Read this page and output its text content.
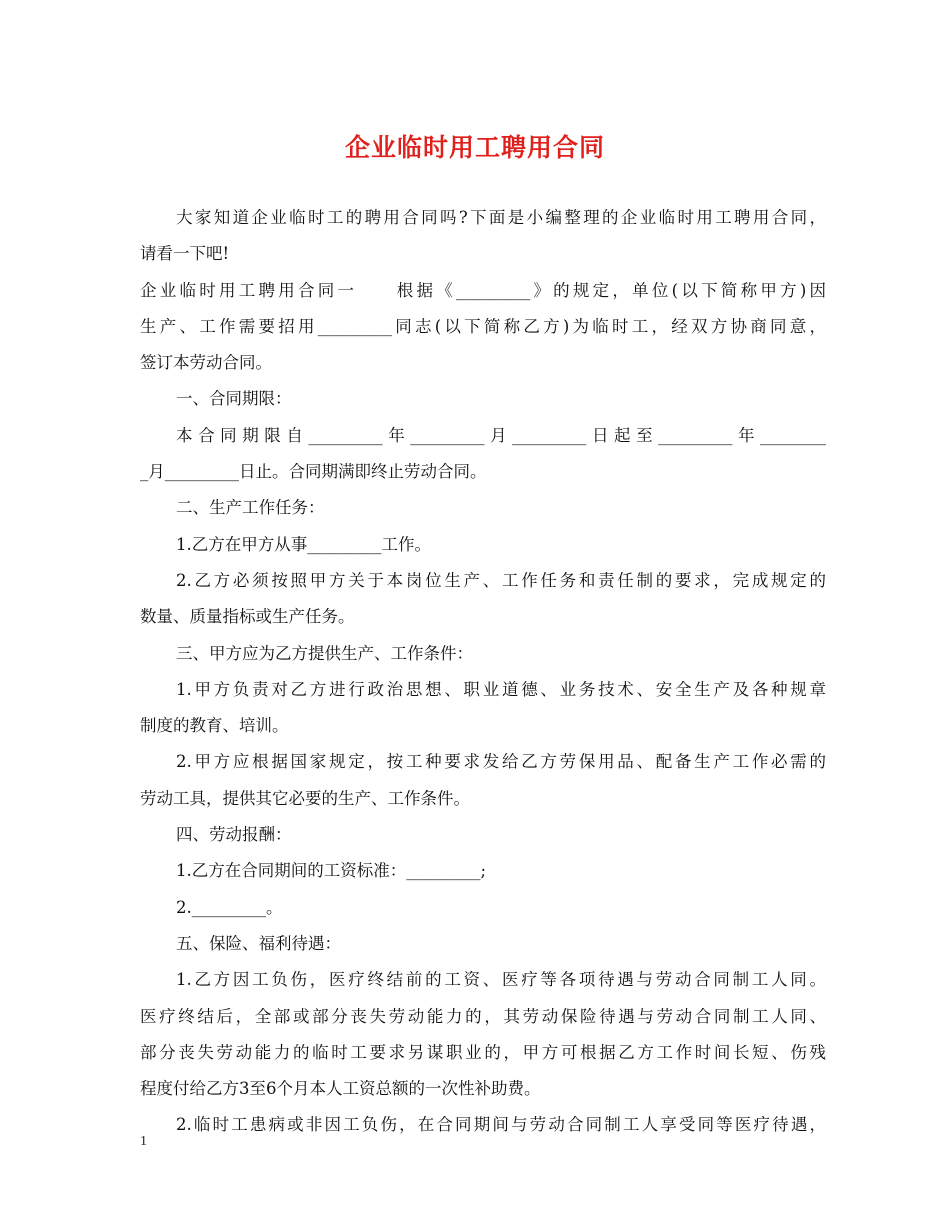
企业临时用工聘用合同
大家知道企业临时工的聘用合同吗?下面是小编整理的企业临时用工聘用合同，
请看一下吧!
企业临时用工聘用合同一　　根据《_________》的规定，单位(以下简称甲方)因
生产、工作需要招用_________同志(以下简称乙方)为临时工，经双方协商同意，
签订本劳动合同。
一、合同期限：
本合同期限自_________年_________月_________日起至_________年________
_月_________日止。合同期满即终止劳动合同。
二、生产工作任务：
1.乙方在甲方从事_________工作。
2.乙方必须按照甲方关于本岗位生产、工作任务和责任制的要求，完成规定的
数量、质量指标或生产任务。
三、甲方应为乙方提供生产、工作条件：
1.甲方负责对乙方进行政治思想、职业道德、业务技术、安全生产及各种规章
制度的教育、培训。
2.甲方应根据国家规定，按工种要求发给乙方劳保用品、配备生产工作必需的
劳动工具，提供其它必要的生产、工作条件。
四、劳动报酬：
1.乙方在合同期间的工资标准：_________;
2._________。
五、保险、福利待遇：
1.乙方因工负伤，医疗终结前的工资、医疗等各项待遇与劳动合同制工人同。
医疗终结后，全部或部分丧失劳动能力的，其劳动保险待遇与劳动合同制工人同、
部分丧失劳动能力的临时工要求另谋职业的，甲方可根据乙方工作时间长短、伤残
程度付给乙方3至6个月本人工资总额的一次性补助费。
2.临时工患病或非因工负伤，在合同期间与劳动合同制工人享受同等医疗待遇，
1
